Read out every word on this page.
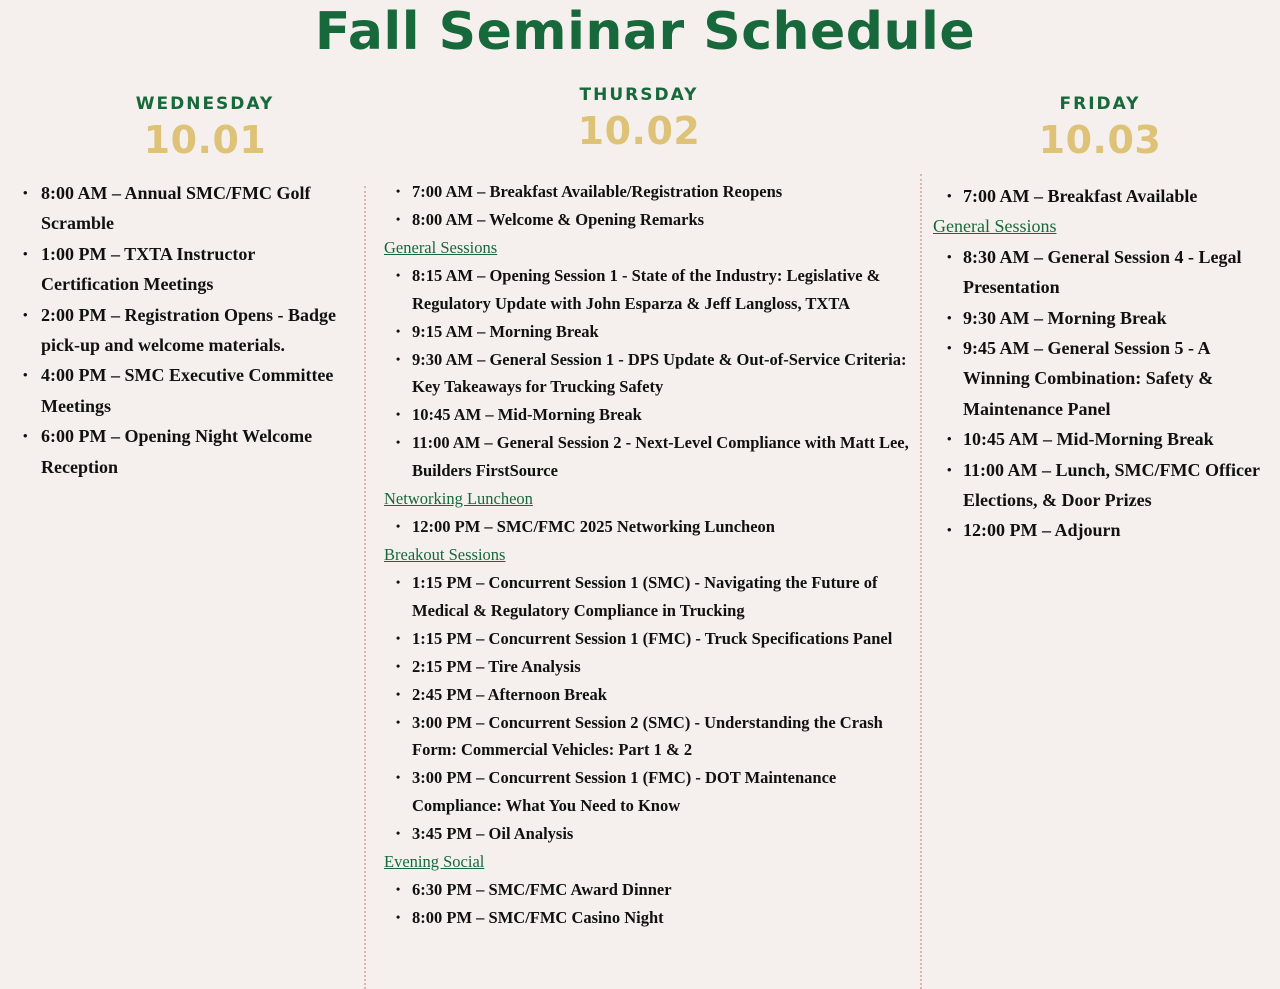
Fall Seminar Schedule
WEDNESDAY
10.01
THURSDAY
10.02
FRIDAY
10.03
• 8:00 AM – Annual SMC/FMC Golf Scramble
• 1:00 PM – TXTA Instructor Certification Meetings
• 2:00 PM – Registration Opens - Badge pick-up and welcome materials.
• 4:00 PM – SMC Executive Committee Meetings
• 6:00 PM – Opening Night Welcome Reception
• 7:00 AM – Breakfast Available/Registration Reopens
• 8:00 AM – Welcome & Opening Remarks
General Sessions
• 8:15 AM – Opening Session 1 - State of the Industry: Legislative & Regulatory Update with John Esparza & Jeff Langloss, TXTA
• 9:15 AM – Morning Break
• 9:30 AM – General Session 1 - DPS Update & Out-of-Service Criteria: Key Takeaways for Trucking Safety
• 10:45 AM – Mid-Morning Break
• 11:00 AM – General Session 2 - Next-Level Compliance with Matt Lee, Builders FirstSource
Networking Luncheon
• 12:00 PM – SMC/FMC 2025 Networking Luncheon
Breakout Sessions
• 1:15 PM – Concurrent Session 1 (SMC) - Navigating the Future of Medical & Regulatory Compliance in Trucking
• 1:15 PM – Concurrent Session 1 (FMC) - Truck Specifications Panel
• 2:15 PM – Tire Analysis
• 2:45 PM – Afternoon Break
• 3:00 PM – Concurrent Session 2 (SMC) - Understanding the Crash Form: Commercial Vehicles: Part 1 & 2
• 3:00 PM – Concurrent Session 1 (FMC) - DOT Maintenance Compliance: What You Need to Know
• 3:45 PM – Oil Analysis
Evening Social
• 6:30 PM – SMC/FMC Award Dinner
• 8:00 PM – SMC/FMC Casino Night
• 7:00 AM – Breakfast Available
General Sessions
• 8:30 AM – General Session 4 - Legal Presentation
• 9:30 AM – Morning Break
• 9:45 AM – General Session 5 - A Winning Combination: Safety & Maintenance Panel
• 10:45 AM – Mid-Morning Break
• 11:00 AM – Lunch, SMC/FMC Officer Elections, & Door Prizes
• 12:00 PM – Adjourn
